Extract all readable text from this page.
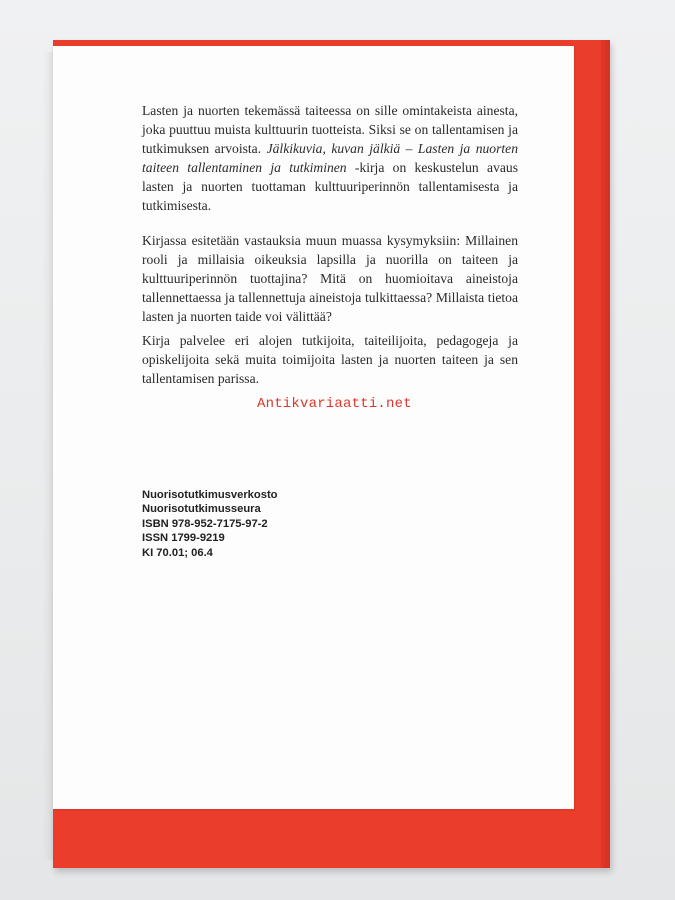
Lasten ja nuorten tekemässä taiteessa on sille omintakeista ainesta, joka puuttuu muista kulttuurin tuotteista. Siksi se on tallentamisen ja tutkimuksen arvoista. Jälkikuvia, kuvan jälkiä – Lasten ja nuorten taiteen tallentaminen ja tutkiminen -kirja on keskustelun avaus lasten ja nuorten tuottaman kulttuuriperinnön tallentamisesta ja tutkimisesta.

Kirjassa esitetään vastauksia muun muassa kysymyksiin: Millainen rooli ja millaisia oikeuksia lapsilla ja nuorilla on taiteen ja kulttuuriperinnön tuottajina? Mitä on huomioitava aineistoja tallennettaessa ja tallennettuja aineistoja tulkittaessa? Millaista tietoa lasten ja nuorten taide voi välittää?

Kirja palvelee eri alojen tutkijoita, taiteilijoita, pedagogeja ja opiskelijoita sekä muita toimijoita lasten ja nuorten taiteen ja sen tallentamisen parissa.

Antikvariaatti.net
Nuorisotutkimusverkosto
Nuorisotutkimusseura
ISBN 978-952-7175-97-2
ISSN 1799-9219
KI 70.01; 06.4
